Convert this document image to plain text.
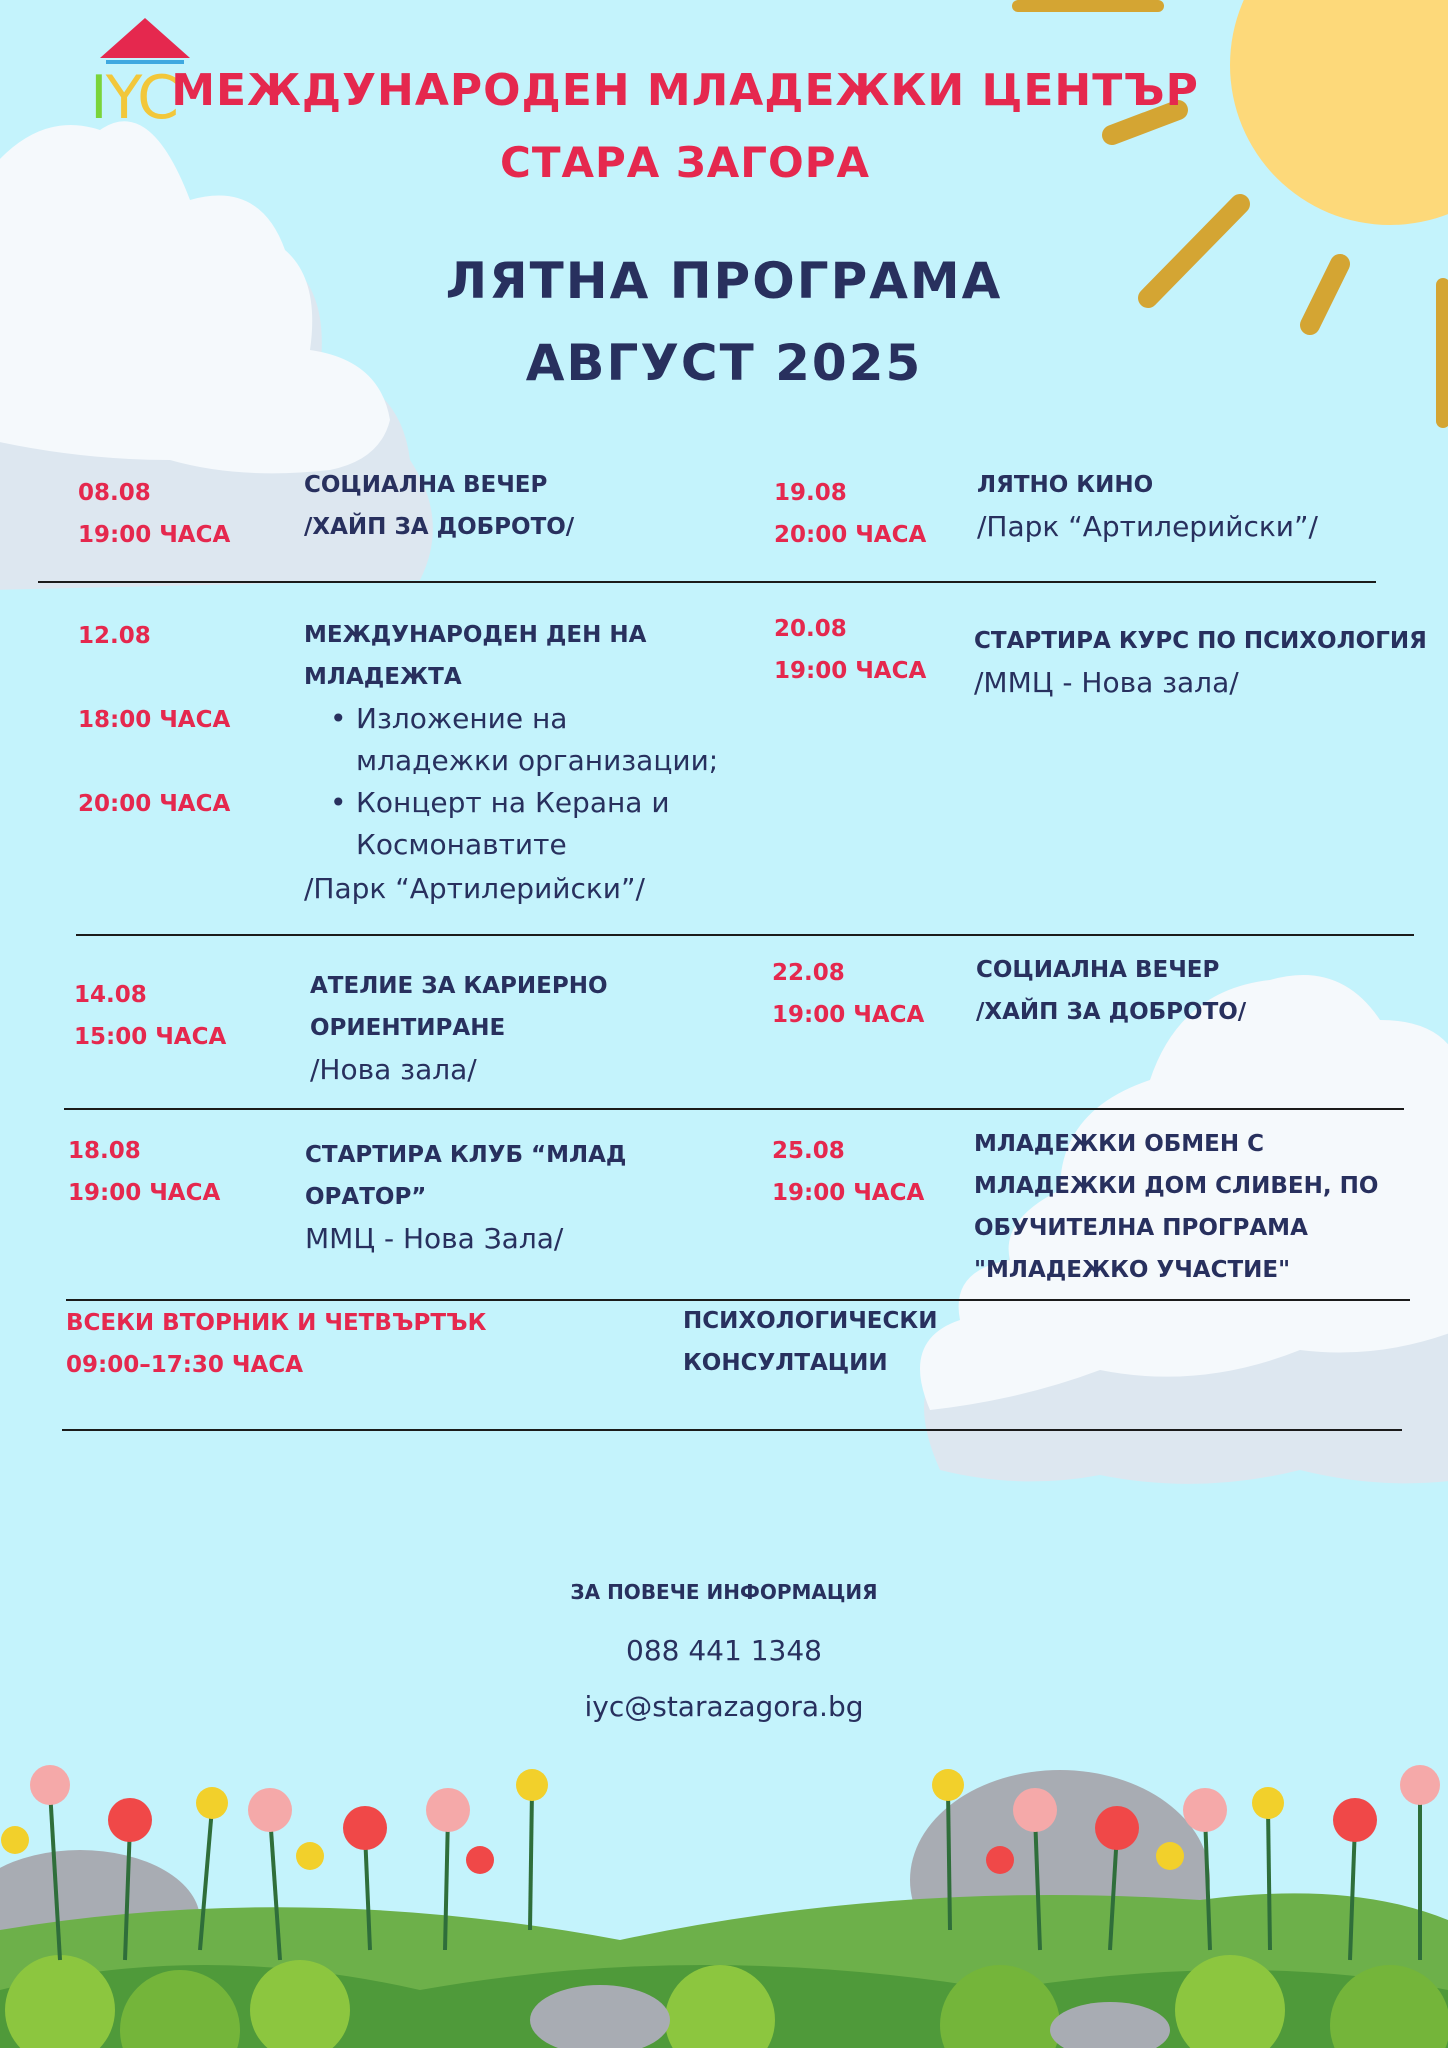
IYC
МЕЖДУНАРОДЕН МЛАДЕЖКИ ЦЕНТЪР
СТАРА ЗАГОРА
ЛЯТНА ПРОГРАМА
АВГУСТ 2025
08.08
19:00 ЧАСА
СОЦИАЛНА ВЕЧЕР
/ХАЙП ЗА ДОБРОТО/
19.08
20:00 ЧАСА
ЛЯТНО КИНО
/Парк “Артилерийски”/
12.08
18:00 ЧАСА
20:00 ЧАСА
МЕЖДУНАРОДЕН ДЕН НА
МЛАДЕЖТА
• Изложение на
младежки организации;
• Концерт на Керана и
Космонавтите
/Парк “Артилерийски”/
20.08
19:00 ЧАСА
СТАРТИРА КУРС ПО ПСИХОЛОГИЯ
/ММЦ - Нова зала/
14.08
15:00 ЧАСА
АТЕЛИЕ ЗА КАРИЕРНО
ОРИЕНТИРАНЕ
/Нова зала/
22.08
19:00 ЧАСА
СОЦИАЛНА ВЕЧЕР
/ХАЙП ЗА ДОБРОТО/
18.08
19:00 ЧАСА
СТАРТИРА КЛУБ “МЛАД
ОРАТОР”
ММЦ - Нова Зала/
25.08
19:00 ЧАСА
МЛАДЕЖКИ ОБМЕН С
МЛАДЕЖКИ ДОМ СЛИВЕН, ПО
ОБУЧИТЕЛНА ПРОГРАМА
"МЛАДЕЖКО УЧАСТИЕ"
ВСЕКИ ВТОРНИК И ЧЕТВЪРТЪК
09:00–17:30 ЧАСА
ПСИХОЛОГИЧЕСКИ
КОНСУЛТАЦИИ
ЗА ПОВЕЧЕ ИНФОРМАЦИЯ
088 441 1348
iyc@starazagora.bg
